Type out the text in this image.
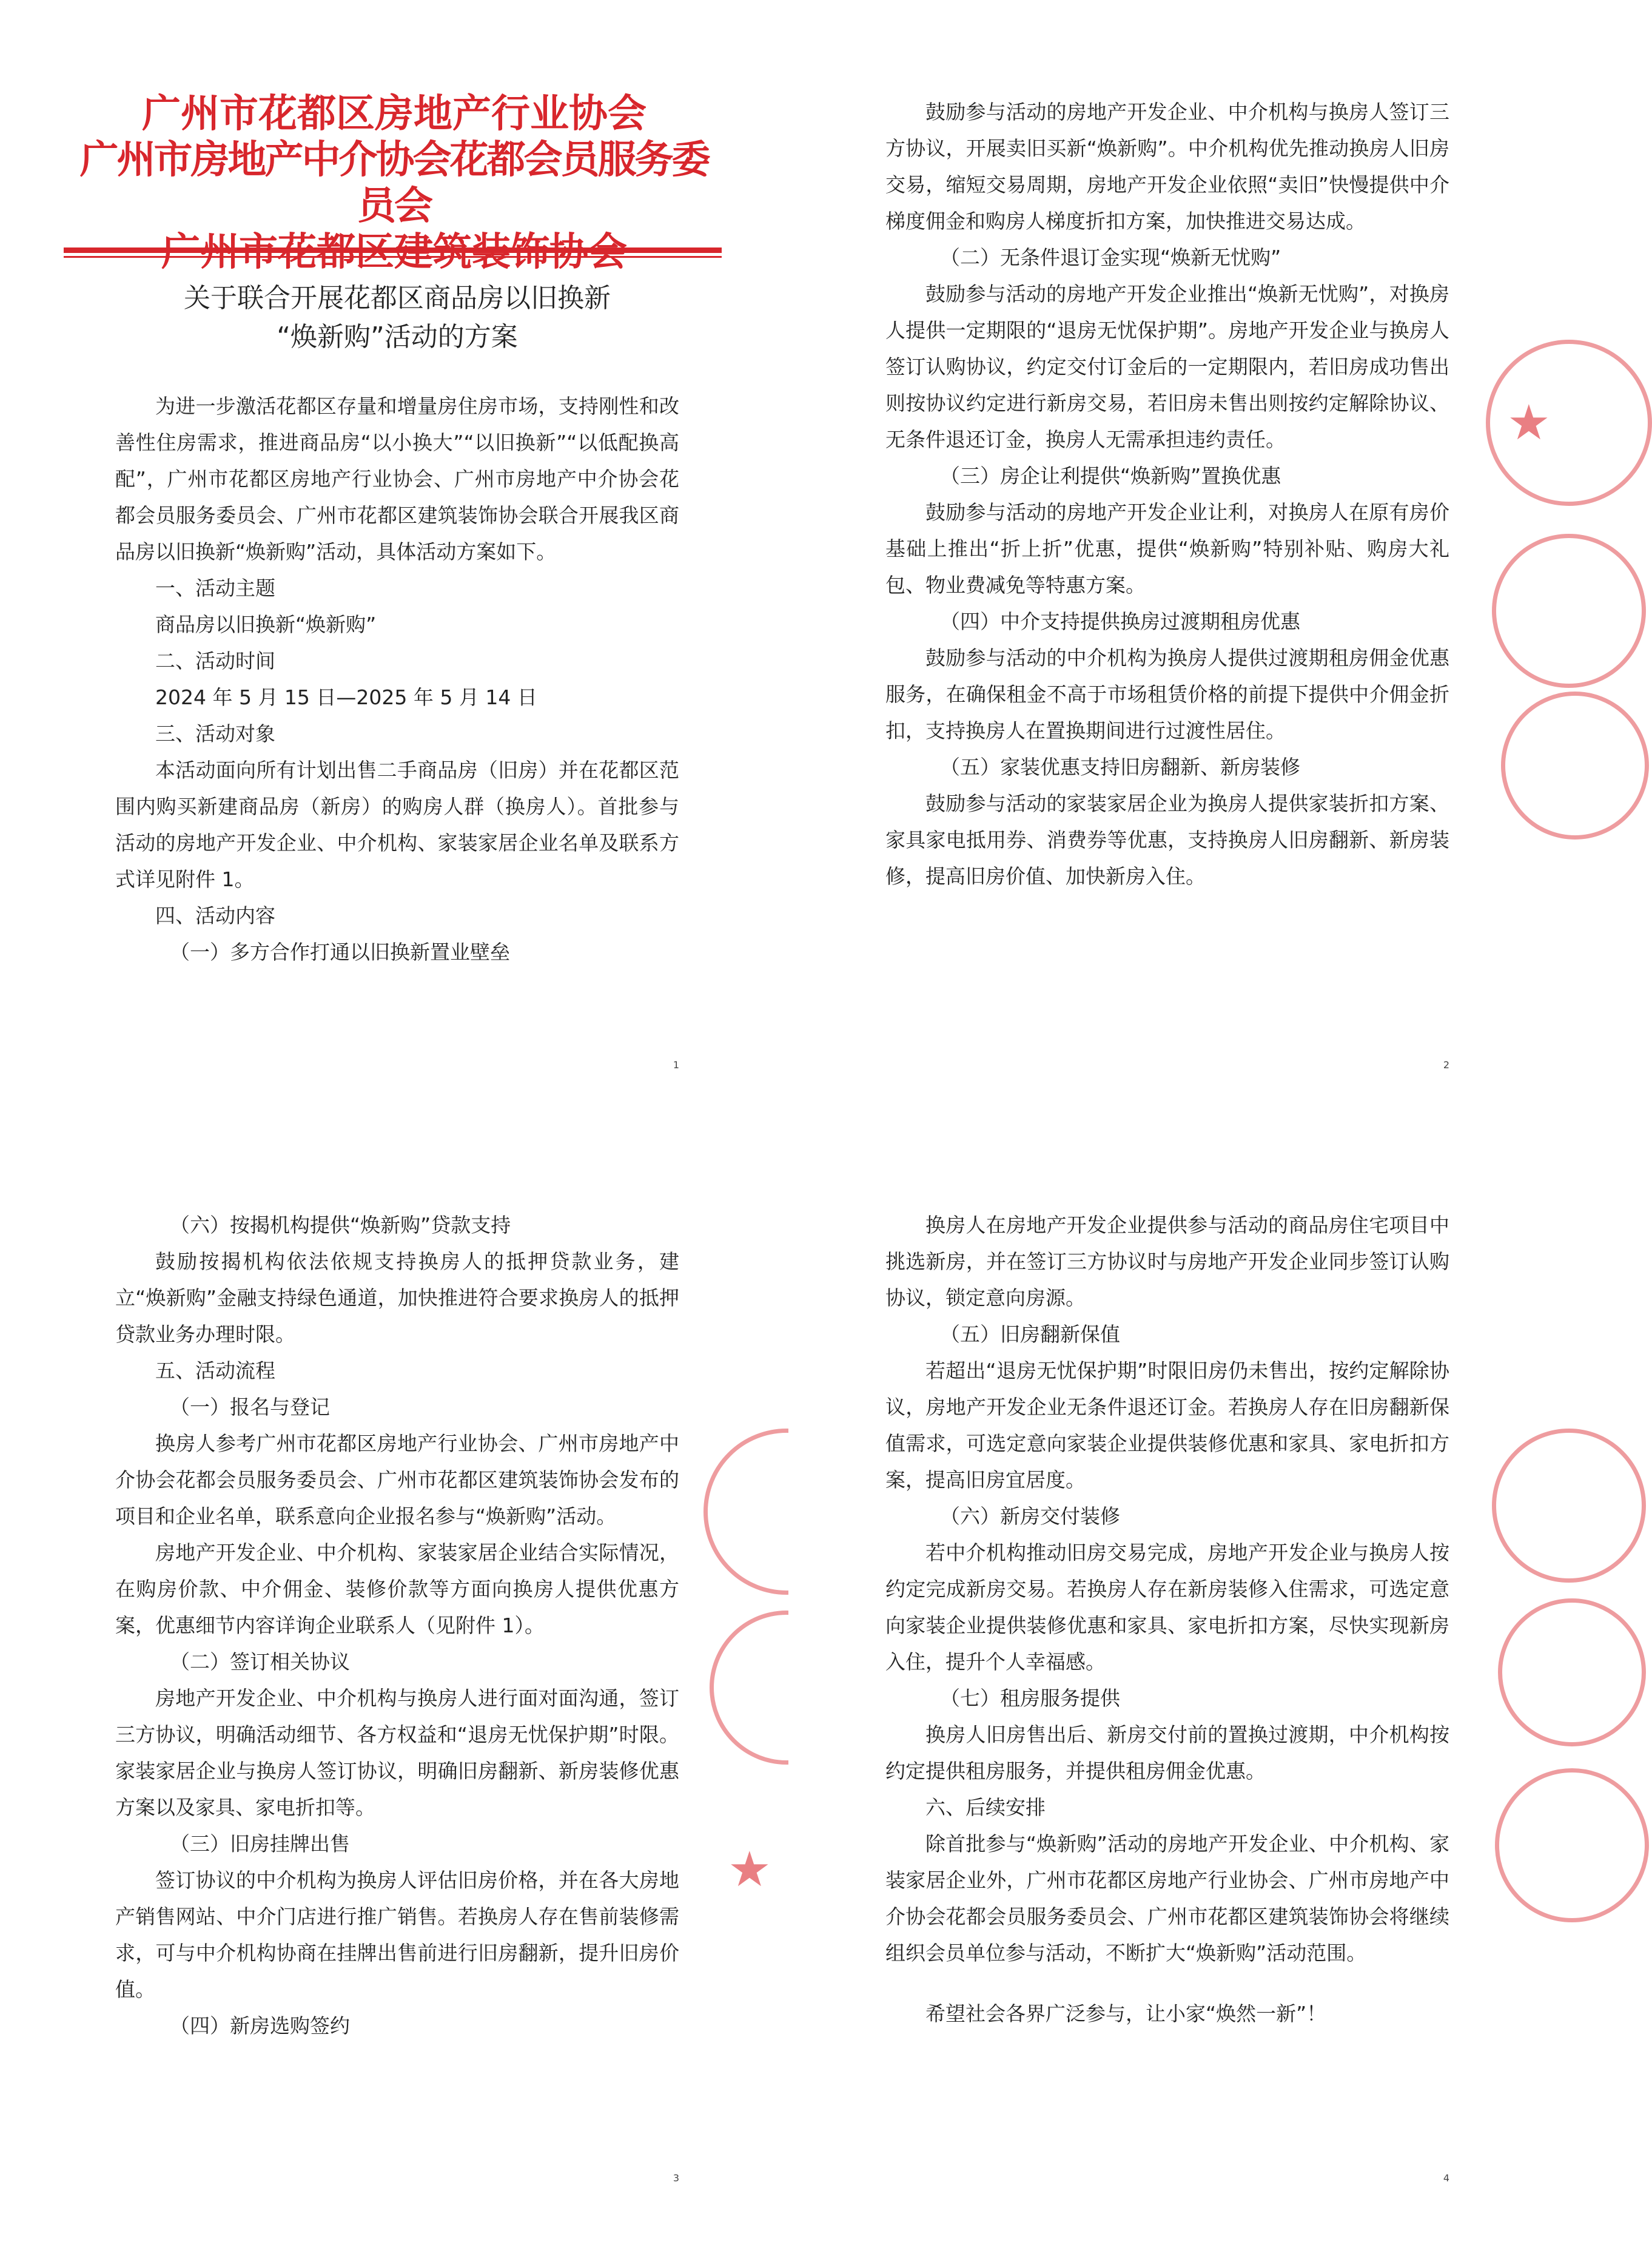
广州市花都区房地产行业协会

广州市房地产中介协会花都会员服务委员会

关于联合开展花都区商品房以旧换新
“焕新购”活动的方案

为进一步激活花都区存量和增量房住房市场，支持刚性和改善性住房需求，推进商品房“以小换大”“以旧换新”“以低配换高配”，广州市花都区房地产行业协会、广州市房地产中介协会花都会员服务委员会、广州市花都区建筑装饰协会联合开展我区商品房以旧换新“焕新购”活动，具体活动方案如下。

一、活动主题

商品房以旧换新“焕新购”

二、活动时间

2024 年 5 月 15 日—2025 年 5 月 14 日

三、活动对象

本活动面向所有计划出售二手商品房（旧房）并在花都区范围内购买新建商品房（新房）的购房人群（换房人）。首批参与活动的房地产开发企业、中介机构、家装家居企业名单及联系方式详见附件 1。

四、活动内容

（一）多方合作打通以旧换新置业壁垒

1

鼓励参与活动的房地产开发企业、中介机构与换房人签订三方协议，开展卖旧买新“焕新购”。中介机构优先推动换房人旧房交易，缩短交易周期，房地产开发企业依照“卖旧”快慢提供中介梯度佣金和购房人梯度折扣方案，加快推进交易达成。

（二）无条件退订金实现“焕新无忧购”

鼓励参与活动的房地产开发企业推出“焕新无忧购”，对换房人提供一定期限的“退房无忧保护期”。房地产开发企业与换房人签订认购协议，约定交付订金后的一定期限内，若旧房成功售出则按协议约定进行新房交易，若旧房未售出则按约定解除协议、无条件退还订金，换房人无需承担违约责任。

（三）房企让利提供“焕新购”置换优惠

鼓励参与活动的房地产开发企业让利，对换房人在原有房价基础上推出“折上折”优惠，提供“焕新购”特别补贴、购房大礼包、物业费减免等特惠方案。

（四）中介支持提供换房过渡期租房优惠

鼓励参与活动的中介机构为换房人提供过渡期租房佣金优惠服务，在确保租金不高于市场租赁价格的前提下提供中介佣金折扣，支持换房人在置换期间进行过渡性居住。

（五）家装优惠支持旧房翻新、新房装修

鼓励参与活动的家装家居企业为换房人提供家装折扣方案、家具家电抵用券、消费券等优惠，支持换房人旧房翻新、新房装修，提高旧房价值、加快新房入住。

2
★

（六）按揭机构提供“焕新购”贷款支持

鼓励按揭机构依法依规支持换房人的抵押贷款业务，建立“焕新购”金融支持绿色通道，加快推进符合要求换房人的抵押贷款业务办理时限。

五、活动流程

（一）报名与登记

换房人参考广州市花都区房地产行业协会、广州市房地产中介协会花都会员服务委员会、广州市花都区建筑装饰协会发布的项目和企业名单，联系意向企业报名参与“焕新购”活动。

房地产开发企业、中介机构、家装家居企业结合实际情况，在购房价款、中介佣金、装修价款等方面向换房人提供优惠方案，优惠细节内容详询企业联系人（见附件 1）。

（二）签订相关协议

房地产开发企业、中介机构与换房人进行面对面沟通，签订三方协议，明确活动细节、各方权益和“退房无忧保护期”时限。家装家居企业与换房人签订协议，明确旧房翻新、新房装修优惠方案以及家具、家电折扣等。

（三）旧房挂牌出售

签订协议的中介机构为换房人评估旧房价格，并在各大房地产销售网站、中介门店进行推广销售。若换房人存在售前装修需求，可与中介机构协商在挂牌出售前进行旧房翻新，提升旧房价值。

（四）新房选购签约

3
★

换房人在房地产开发企业提供参与活动的商品房住宅项目中挑选新房，并在签订三方协议时与房地产开发企业同步签订认购协议，锁定意向房源。

（五）旧房翻新保值

若超出“退房无忧保护期”时限旧房仍未售出，按约定解除协议，房地产开发企业无条件退还订金。若换房人存在旧房翻新保值需求，可选定意向家装企业提供装修优惠和家具、家电折扣方案，提高旧房宜居度。

（六）新房交付装修

若中介机构推动旧房交易完成，房地产开发企业与换房人按约定完成新房交易。若换房人存在新房装修入住需求，可选定意向家装企业提供装修优惠和家具、家电折扣方案，尽快实现新房入住，提升个人幸福感。

（七）租房服务提供

换房人旧房售出后、新房交付前的置换过渡期，中介机构按约定提供租房服务，并提供租房佣金优惠。

六、后续安排

除首批参与“焕新购”活动的房地产开发企业、中介机构、家装家居企业外，广州市花都区房地产行业协会、广州市房地产中介协会花都会员服务委员会、广州市花都区建筑装饰协会将继续组织会员单位参与活动，不断扩大“焕新购”活动范围。

希望社会各界广泛参与，让小家“焕然一新”！

4
